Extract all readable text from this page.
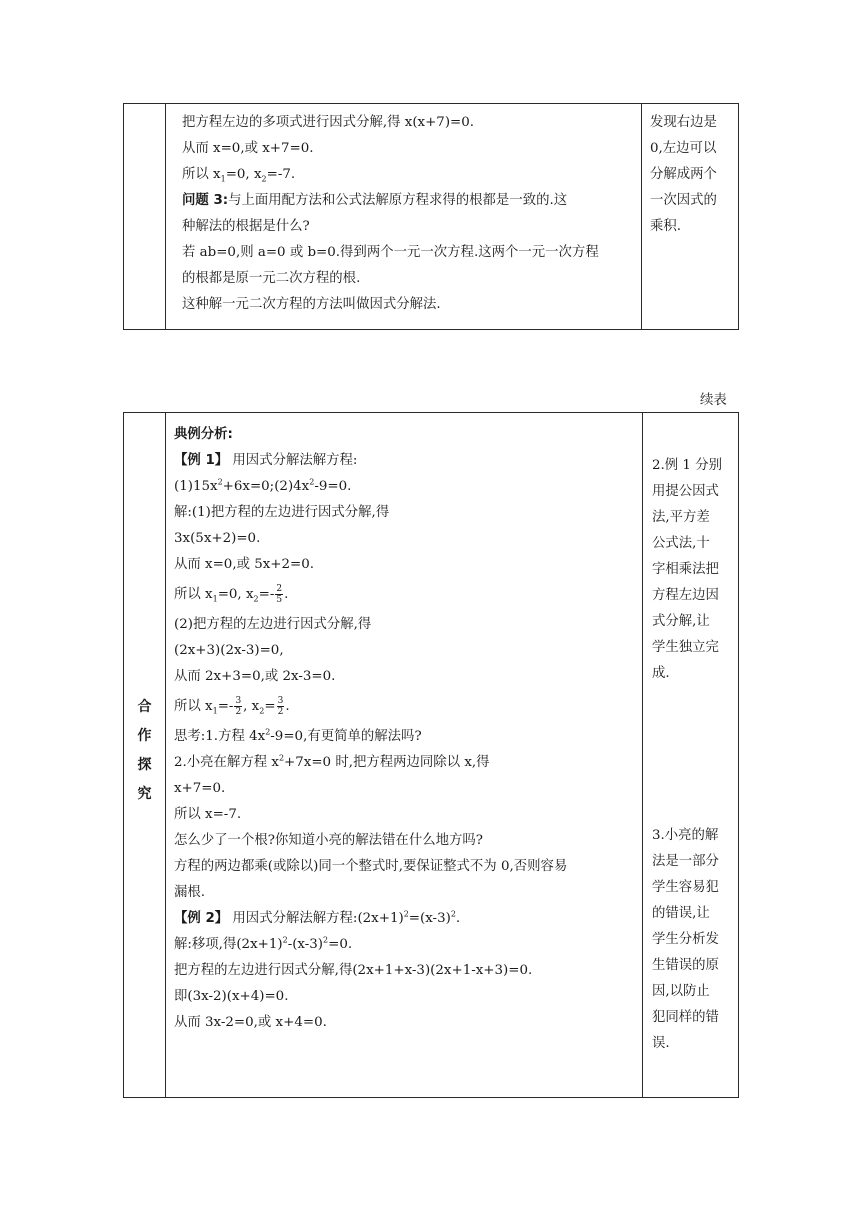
把方程左边的多项式进行因式分解,得 x(x+7)=0.
从而 x=0,或 x+7=0.
所以 $x_1=0$, $x_2=-7$.
问题 3:与上面用配方法和公式法解原方程求得的根都是一致的.这
种解法的根据是什么?
若 ab=0,则 a=0 或 b=0.得到两个一元一次方程.这两个一元一次方程
的根都是原一元二次方程的根.
这种解一元二次方程的方法叫做因式分解法.
发现右边是
0,左边可以
分解成两个
一次因式的
乘积.
续表
合
作
探
究
典例分析:
【例 1】 用因式分解法解方程:
$(1)15x^2+6x=0;(2)4x^2-9=0$.
解:(1)把方程的左边进行因式分解,得
3x(5x+2)=0.
从而 x=0,或 5x+2=0.
所以 $x_1=0$, $x_2=- \frac{2}{5}$ .
(2)把方程的左边进行因式分解,得
(2x+3)(2x-3)=0,
从而 2x+3=0,或 2x-3=0.
所以 $x_1=- \frac{3}{2}$ , $x_2= \frac{3}{2}$ .
思考:1.方程 $4x^2-9=0$,有更简单的解法吗?
2.小亮在解方程 $x^2+7x=0$ 时,把方程两边同除以 x,得
x+7=0.
所以 x=-7.
怎么少了一个根?你知道小亮的解法错在什么地方吗?
方程的两边都乘(或除以)同一个整式时,要保证整式不为 0,否则容易
漏根.
【例 2】 用因式分解法解方程$:(2x+1)^2=(x-3)^2$.
解:移项,得$(2x+1)^2-(x-3)^2=0$.
把方程的左边进行因式分解,得(2x+1+x-3)(2x+1-x+3)=0.
即(3x-2)(x+4)=0.
从而 3x-2=0,或 x+4=0.
2.例 1 分别
用提公因式
法,平方差
公式法,十
字相乘法把
方程左边因
式分解,让
学生独立完
成.
3.小亮的解
法是一部分
学生容易犯
的错误,让
学生分析发
生错误的原
因,以防止
犯同样的错
误.
